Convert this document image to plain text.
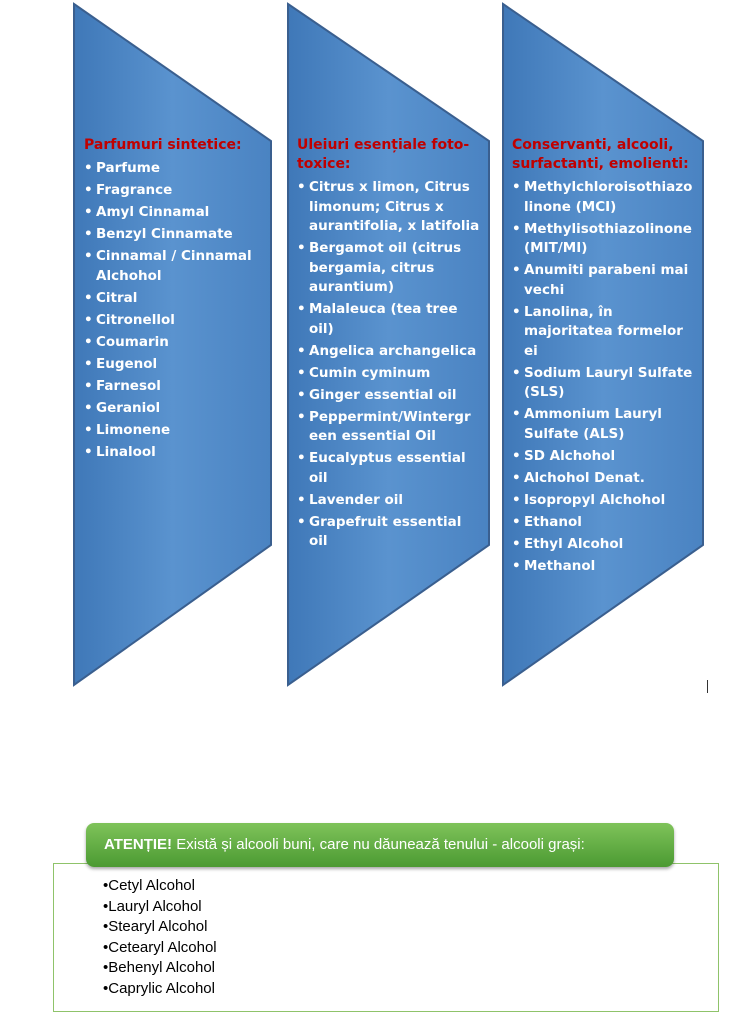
Parfumuri sintetice:
• Parfume
• Fragrance
• Amyl Cinnamal
• Benzyl Cinnamate
• Cinnamal / Cinnamal Alchohol
• Citral
• Citronellol
• Coumarin
• Eugenol
• Farnesol
• Geraniol
• Limonene
• Linalool
Uleiuri esențiale foto-toxice:
• Citrus x limon, Citrus limonum; Citrus x aurantifolia, x latifolia
• Bergamot oil (citrus bergamia, citrus aurantium)
• Malaleuca (tea tree oil)
• Angelica archangelica
• Cumin cyminum
• Ginger essential oil
• Peppermint/Wintergr een essential Oil
• Eucalyptus essential oil
• Lavender oil
• Grapefruit essential oil
Conservanti, alcooli, surfactanti, emolienti:
• Methylchloroisothiazo linone (MCI)
• Methylisothiazolinone (MIT/MI)
• Anumiti parabeni mai vechi
• Lanolina, în majoritatea formelor ei
• Sodium Lauryl Sulfate (SLS)
• Ammonium Lauryl Sulfate (ALS)
• SD Alchohol
• Alchohol Denat.
• Isopropyl Alchohol
• Ethanol
• Ethyl Alcohol
• Methanol
ATENȚIE! Există și alcooli buni, care nu dăunează tenului - alcooli grași:
•Cetyl Alcohol
•Lauryl Alcohol
•Stearyl Alcohol
•Cetearyl Alcohol
•Behenyl Alcohol
•Caprylic Alcohol
